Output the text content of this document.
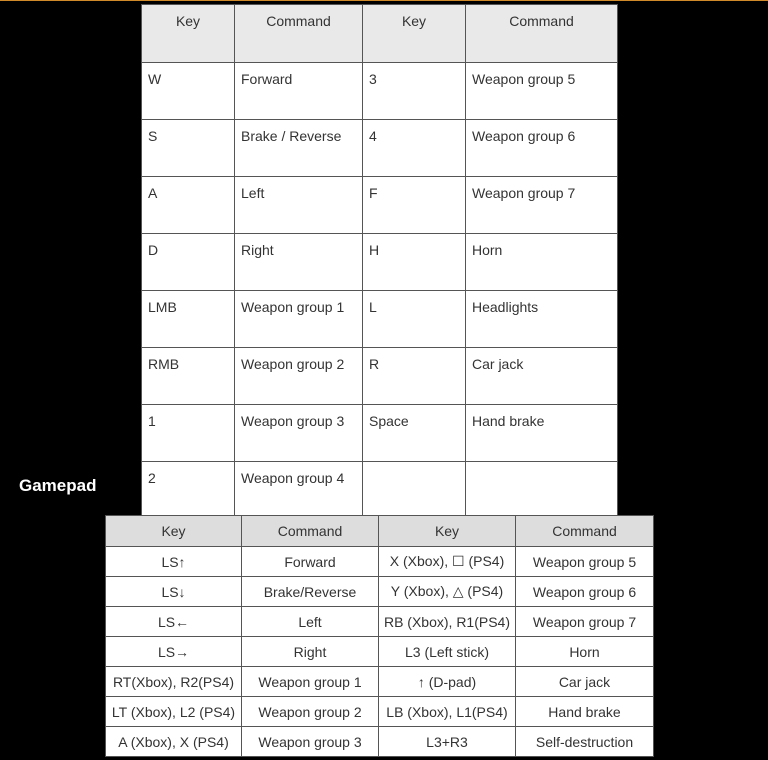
Key	Command	Key	Command
W	Forward	3	Weapon group 5
S	Brake / Reverse	4	Weapon group 6
A	Left	F	Weapon group 7
D	Right	H	Horn
LMB	Weapon group 1	L	Headlights
RMB	Weapon group 2	R	Car jack
1	Weapon group 3	Space	Hand brake
2	Weapon group 4		
Gamepad
Key	Command	Key	Command
LS↑	Forward	X (Xbox), ☐ (PS4)	Weapon group 5
LS↓	Brake/Reverse	Y (Xbox), △ (PS4)	Weapon group 6
LS←	Left	RB (Xbox), R1(PS4)	Weapon group 7
LS→	Right	L3 (Left stick)	Horn
RT(Xbox), R2(PS4)	Weapon group 1	↑ (D-pad)	Car jack
LT (Xbox), L2 (PS4)	Weapon group 2	LB (Xbox), L1(PS4)	Hand brake
A (Xbox), X (PS4)	Weapon group 3	L3+R3	Self-destruction
